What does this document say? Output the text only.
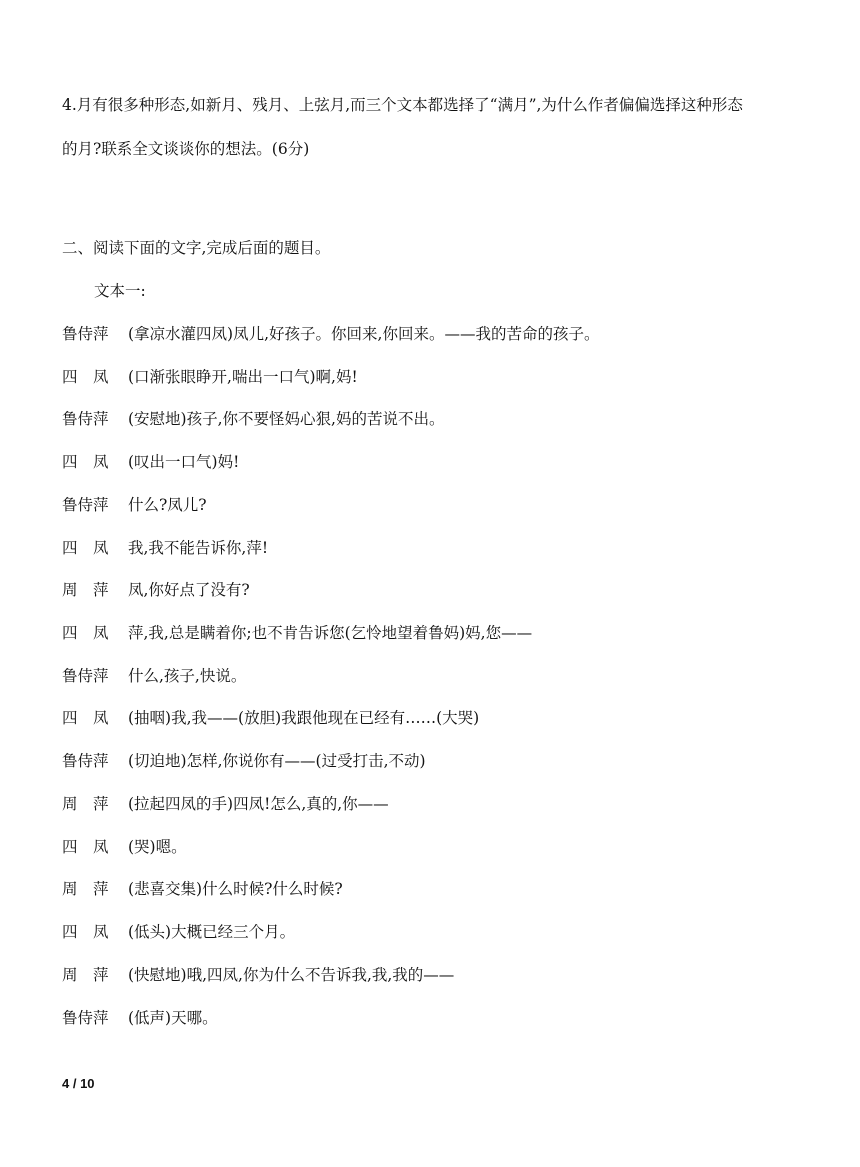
4.月有很多种形态,如新月、残月、上弦月,而三个文本都选择了“满月”,为什么作者偏偏选择这种形态
的月?联系全文谈谈你的想法。(6分)
二、阅读下面的文字,完成后面的题目。
文本一:
鲁侍萍	(拿凉水灌四凤)凤儿,好孩子。你回来,你回来。——我的苦命的孩子。
四　凤	(口渐张眼睁开,喘出一口气)啊,妈!
鲁侍萍	(安慰地)孩子,你不要怪妈心狠,妈的苦说不出。
四　凤	(叹出一口气)妈!
鲁侍萍	什么?凤儿?
四　凤	我,我不能告诉你,萍!
周　萍	凤,你好点了没有?
四　凤	萍,我,总是瞒着你;也不肯告诉您(乞怜地望着鲁妈)妈,您——
鲁侍萍	什么,孩子,快说。
四　凤	(抽咽)我,我——(放胆)我跟他现在已经有……(大哭)
鲁侍萍	(切迫地)怎样,你说你有——(过受打击,不动)
周　萍	(拉起四凤的手)四凤!怎么,真的,你——
四　凤	(哭)嗯。
周　萍	(悲喜交集)什么时候?什么时候?
四　凤	(低头)大概已经三个月。
周　萍	(快慰地)哦,四凤,你为什么不告诉我,我,我的——
鲁侍萍	(低声)天哪。
4 / 10
